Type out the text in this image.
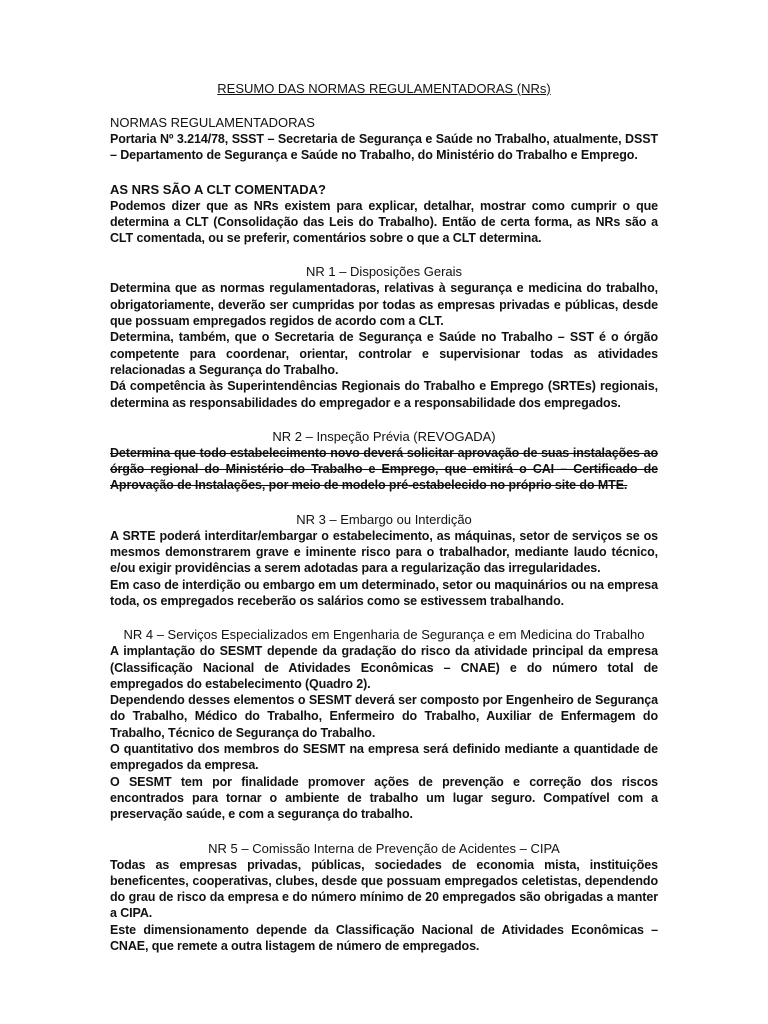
RESUMO DAS NORMAS REGULAMENTADORAS (NRs)
NORMAS REGULAMENTADORAS

Portaria Nº 3.214/78, SSST – Secretaria de Segurança e Saúde no Trabalho, atualmente, DSST – Departamento de Segurança e Saúde no Trabalho, do Ministério do Trabalho e Emprego.

AS NRS SÃO A CLT COMENTADA?

Podemos dizer que as NRs existem para explicar, detalhar, mostrar como cumprir o que determina a CLT (Consolidação das Leis do Trabalho). Então de certa forma, as NRs são a CLT comentada, ou se preferir, comentários sobre o que a CLT determina.

NR 1 – Disposições Gerais

Determina que as normas regulamentadoras, relativas à segurança e medicina do trabalho, obrigatoriamente, deverão ser cumpridas por todas as empresas privadas e públicas, desde que possuam empregados regidos de acordo com a CLT.

Determina, também, que o Secretaria de Segurança e Saúde no Trabalho – SST é o órgão competente para coordenar, orientar, controlar e supervisionar todas as atividades relacionadas a Segurança do Trabalho.

Dá competência às Superintendências Regionais do Trabalho e Emprego (SRTEs) regionais, determina as responsabilidades do empregador e a responsabilidade dos empregados.

NR 2 – Inspeção Prévia (REVOGADA)

Determina que todo estabelecimento novo deverá solicitar aprovação de suas instalações ao órgão regional do Ministério do Trabalho e Emprego, que emitirá o CAI – Certificado de Aprovação de Instalações, por meio de modelo pré-estabelecido no próprio site do MTE.

NR 3 – Embargo ou Interdição

A SRTE poderá interditar/embargar o estabelecimento, as máquinas, setor de serviços se os mesmos demonstrarem grave e iminente risco para o trabalhador, mediante laudo técnico, e/ou exigir providências a serem adotadas para a regularização das irregularidades.

Em caso de interdição ou embargo em um determinado, setor ou maquinários ou na empresa toda, os empregados receberão os salários como se estivessem trabalhando.

NR 4 – Serviços Especializados em Engenharia de Segurança e em Medicina do Trabalho

A implantação do SESMT depende da gradação do risco da atividade principal da empresa (Classificação Nacional de Atividades Econômicas – CNAE) e do número total de empregados do estabelecimento (Quadro 2).

Dependendo desses elementos o SESMT deverá ser composto por Engenheiro de Segurança do Trabalho, Médico do Trabalho, Enfermeiro do Trabalho, Auxiliar de Enfermagem do Trabalho, Técnico de Segurança do Trabalho.

O quantitativo dos membros do SESMT na empresa será definido mediante a quantidade de empregados da empresa.

O SESMT tem por finalidade promover ações de prevenção e correção dos riscos encontrados para tornar o ambiente de trabalho um lugar seguro. Compatível com a preservação saúde, e com a segurança do trabalho.

NR 5 – Comissão Interna de Prevenção de Acidentes – CIPA

Todas as empresas privadas, públicas, sociedades de economia mista, instituições beneficentes, cooperativas, clubes, desde que possuam empregados celetistas, dependendo do grau de risco da empresa e do número mínimo de 20 empregados são obrigadas a manter a CIPA.

Este dimensionamento depende da Classificação Nacional de Atividades Econômicas – CNAE, que remete a outra listagem de número de empregados.
